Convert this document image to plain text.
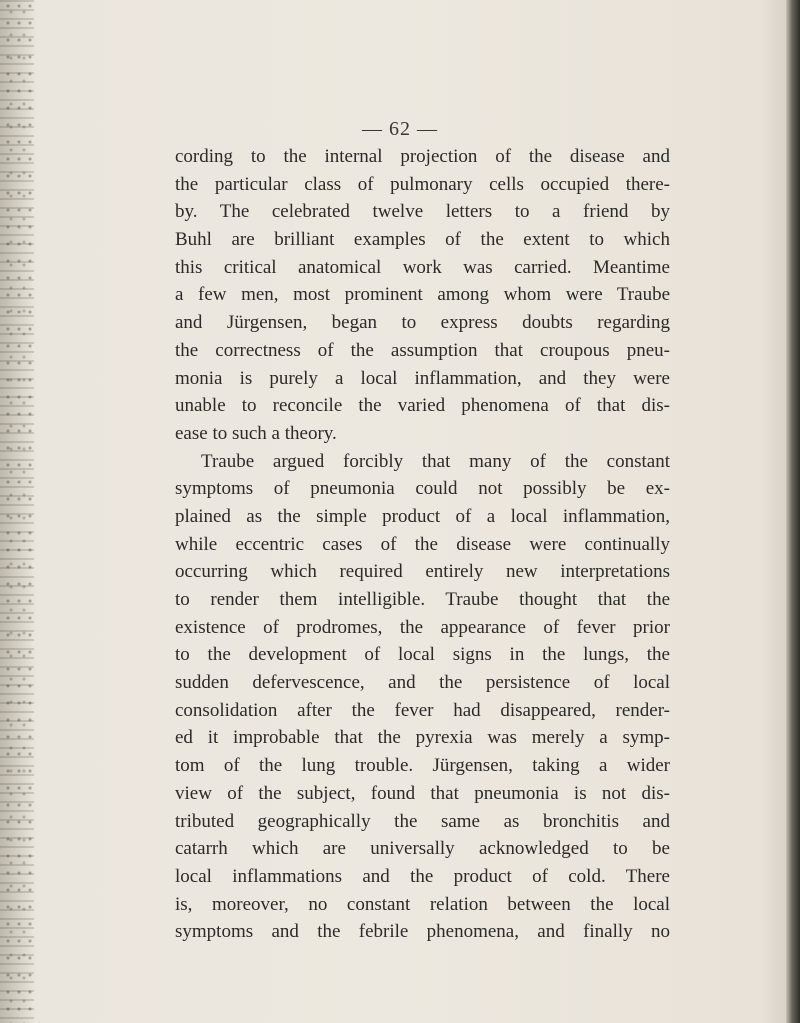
— 62 —
cording to the internal projection of the disease and
the particular class of pulmonary cells occupied there-
by. The celebrated twelve letters to a friend by
Buhl are brilliant examples of the extent to which
this critical anatomical work was carried. Meantime
a few men, most prominent among whom were Traube
and Jürgensen, began to express doubts regarding
the correctness of the assumption that croupous pneu-
monia is purely a local inflammation, and they were
unable to reconcile the varied phenomena of that dis-
ease to such a theory.
Traube argued forcibly that many of the constant
symptoms of pneumonia could not possibly be ex-
plained as the simple product of a local inflammation,
while eccentric cases of the disease were continually
occurring which required entirely new interpretations
to render them intelligible. Traube thought that the
existence of prodromes, the appearance of fever prior
to the development of local signs in the lungs, the
sudden defervescence, and the persistence of local
consolidation after the fever had disappeared, render-
ed it improbable that the pyrexia was merely a symp-
tom of the lung trouble. Jürgensen, taking a wider
view of the subject, found that pneumonia is not dis-
tributed geographically the same as bronchitis and
catarrh which are universally acknowledged to be
local inflammations and the product of cold. There
is, moreover, no constant relation between the local
symptoms and the febrile phenomena, and finally no
